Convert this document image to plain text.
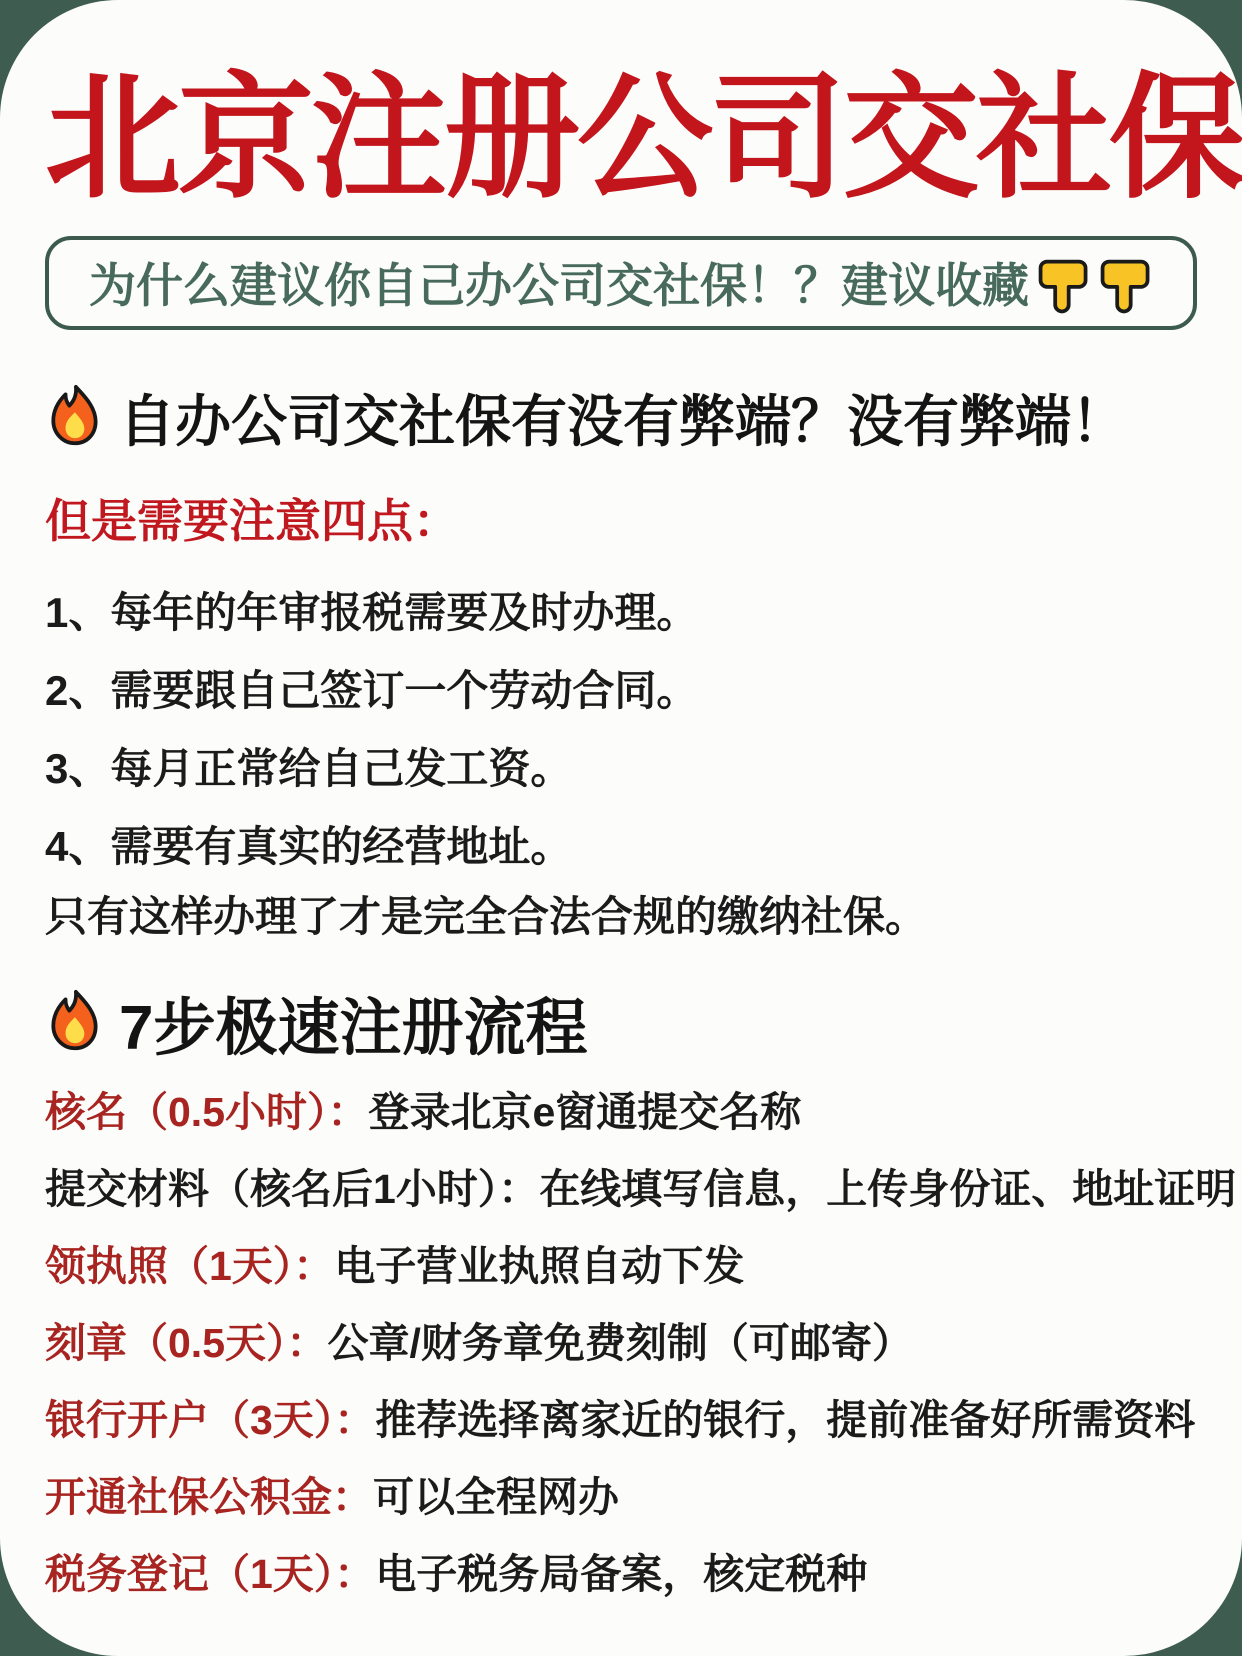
北京注册公司交社保
为什么建议你自己办公司交社保！？建议收藏
自办公司交社保有没有弊端？没有弊端！
但是需要注意四点：
1、每年的年审报税需要及时办理。
2、需要跟自己签订一个劳动合同。
3、每月正常给自己发工资。
4、需要有真实的经营地址。
只有这样办理了才是完全合法合规的缴纳社保。
7步极速注册流程
核名（0.5小时）：登录北京e窗通提交名称
提交材料（核名后1小时）：在线填写信息，上传身份证、地址证明
领执照（1天）：电子营业执照自动下发
刻章（0.5天）：公章/财务章免费刻制（可邮寄）
银行开户（3天）：推荐选择离家近的银行，提前准备好所需资料
开通社保公积金：可以全程网办
税务登记（1天）：电子税务局备案，核定税种
